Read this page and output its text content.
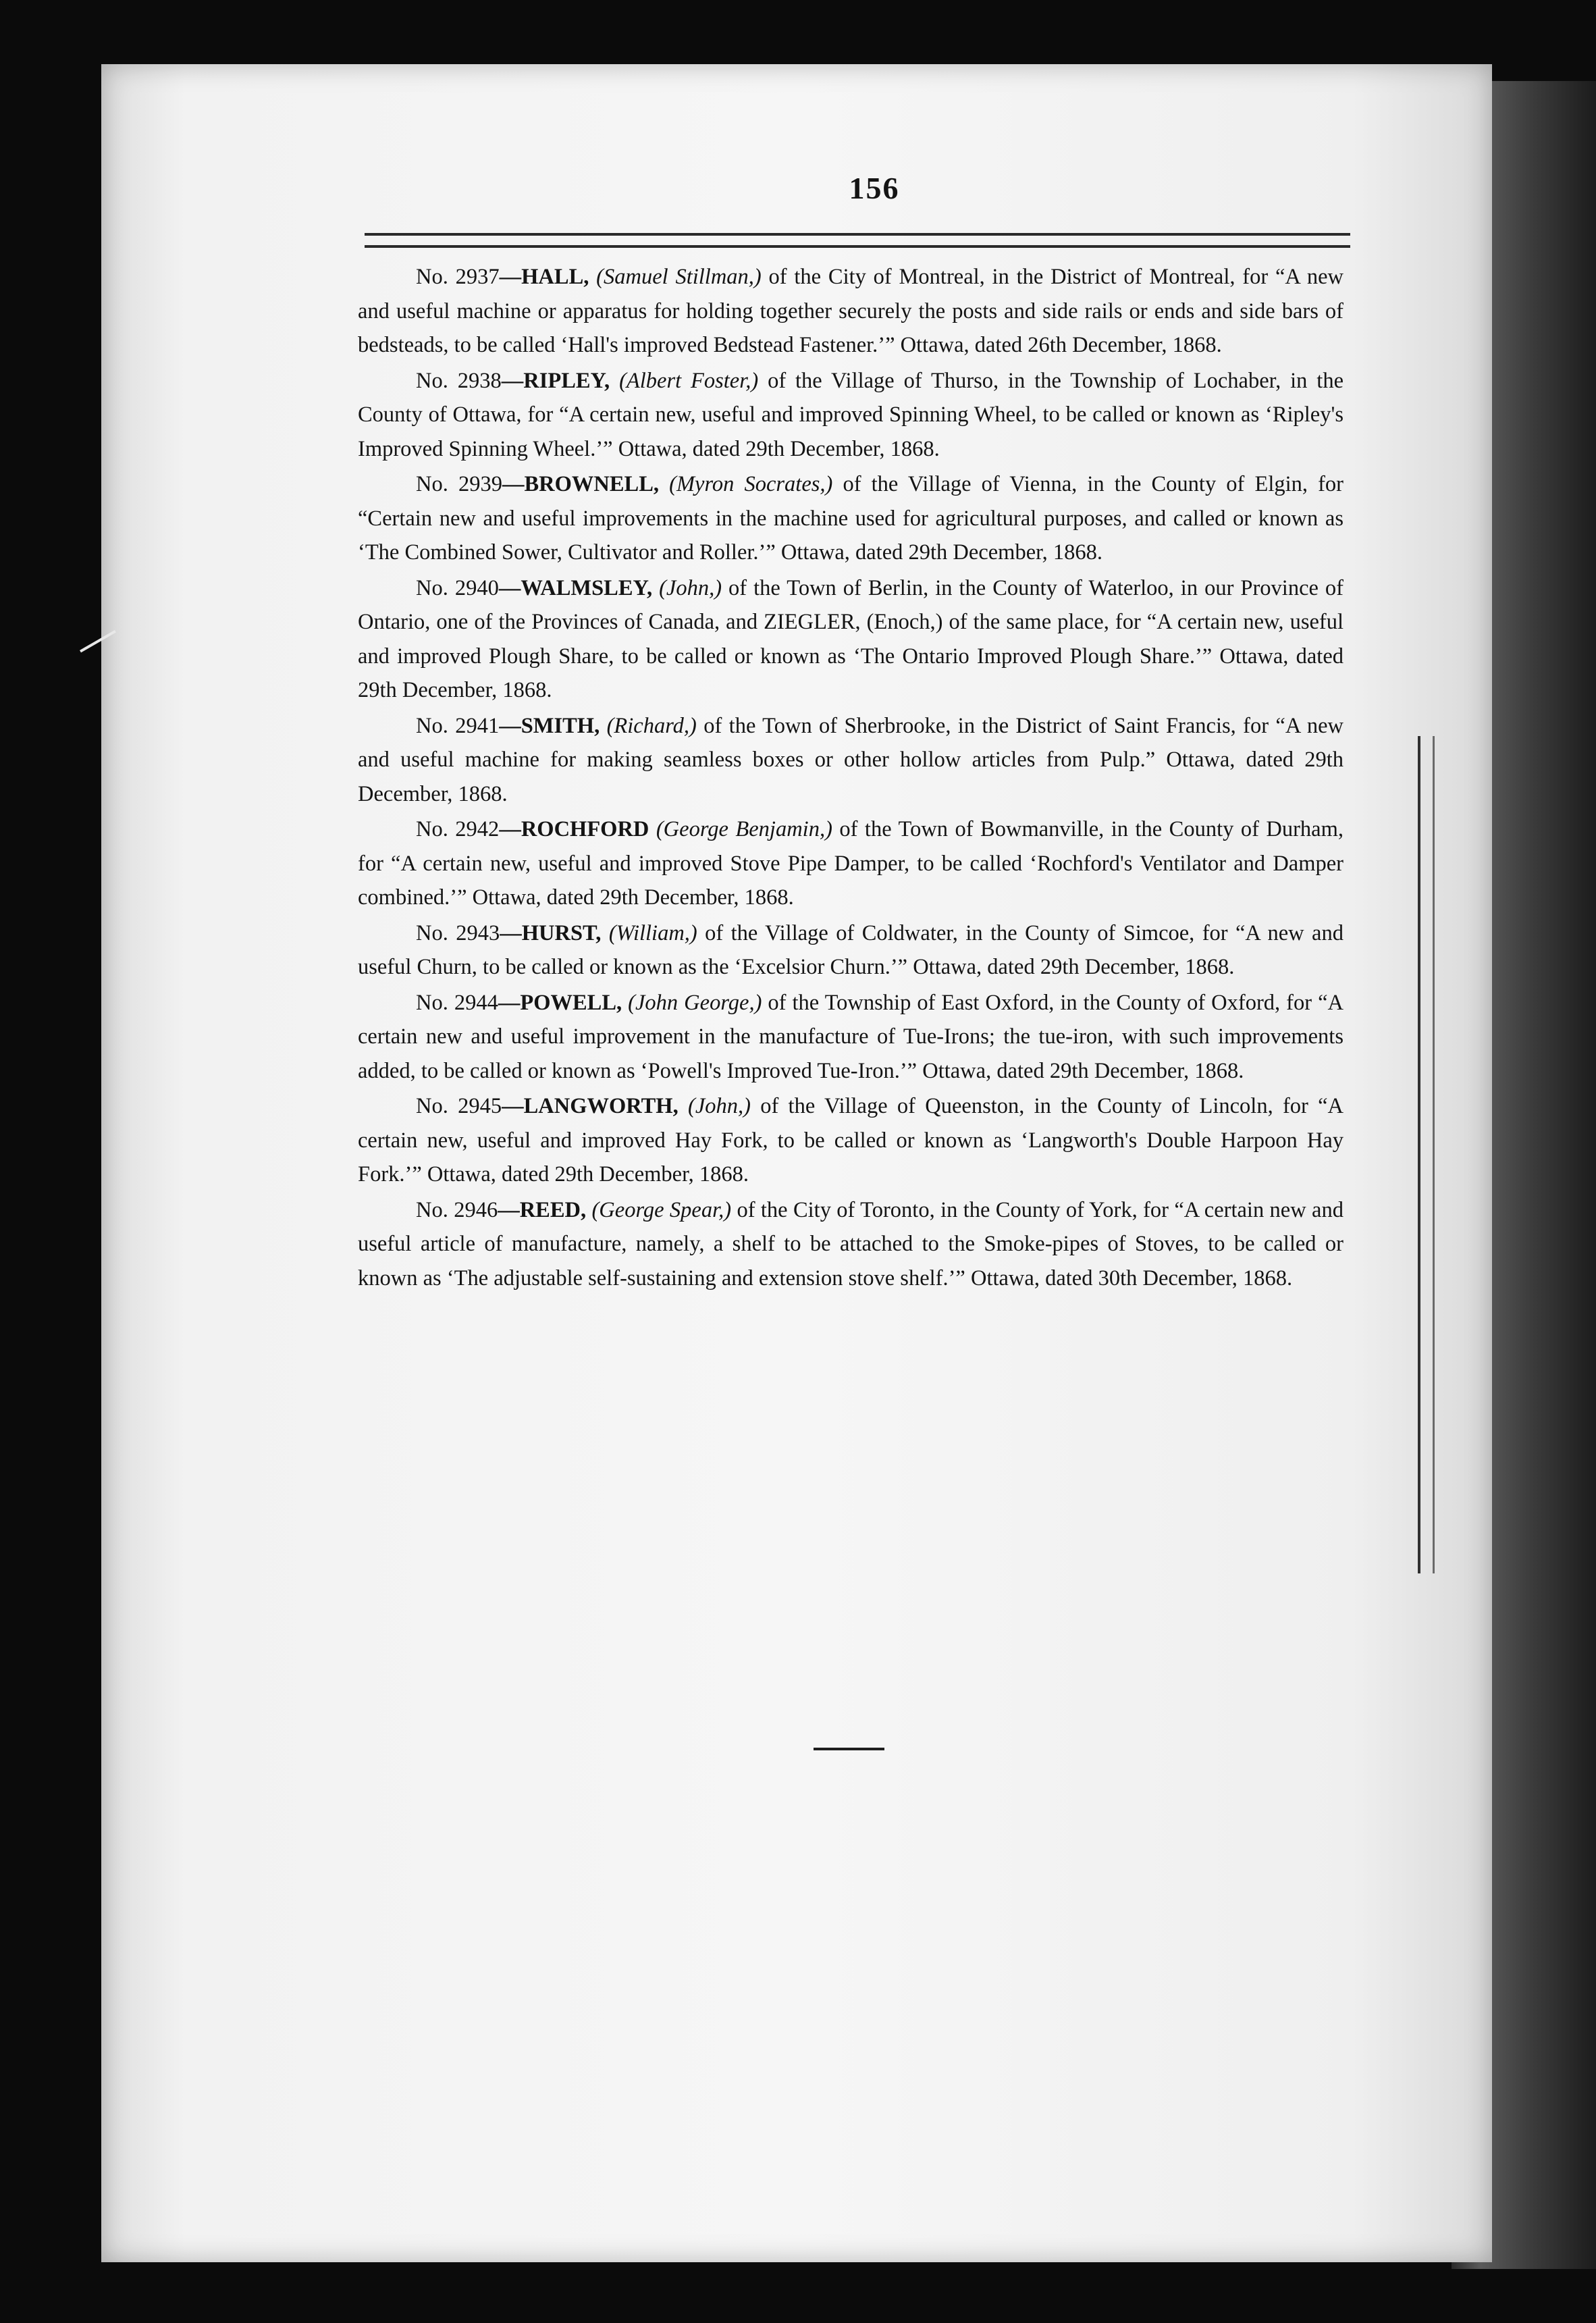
156

No. 2937—HALL, (Samuel Stillman,) of the City of Montreal, in the District of Montreal, for “A new and useful machine or apparatus for holding together securely the posts and side rails or ends and side bars of bedsteads, to be called ‘Hall's improved Bedstead Fastener.’” Ottawa, dated 26th December, 1868.

No. 2938—RIPLEY, (Albert Foster,) of the Village of Thurso, in the Township of Lochaber, in the County of Ottawa, for “A certain new, useful and improved Spinning Wheel, to be called or known as ‘Ripley's Improved Spinning Wheel.’” Ottawa, dated 29th December, 1868.

No. 2939—BROWNELL, (Myron Socrates,) of the Village of Vienna, in the County of Elgin, for “Certain new and useful improvements in the machine used for agricultural purposes, and called or known as ‘The Combined Sower, Cultivator and Roller.’” Ottawa, dated 29th December, 1868.

No. 2940—WALMSLEY, (John,) of the Town of Berlin, in the County of Waterloo, in our Province of Ontario, one of the Provinces of Canada, and ZIEGLER, (Enoch,) of the same place, for “A certain new, useful and improved Plough Share, to be called or known as ‘The Ontario Improved Plough Share.’” Ottawa, dated 29th December, 1868.

No. 2941—SMITH, (Richard,) of the Town of Sherbrooke, in the District of Saint Francis, for “A new and useful machine for making seamless boxes or other hollow articles from Pulp.” Ottawa, dated 29th December, 1868.

No. 2942—ROCHFORD (George Benjamin,) of the Town of Bowmanville, in the County of Durham, for “A certain new, useful and improved Stove Pipe Damper, to be called ‘Rochford's Ventilator and Damper combined.’” Ottawa, dated 29th December, 1868.

No. 2943—HURST, (William,) of the Village of Coldwater, in the County of Simcoe, for “A new and useful Churn, to be called or known as the ‘Excelsior Churn.’” Ottawa, dated 29th December, 1868.

No. 2944—POWELL, (John George,) of the Township of East Oxford, in the County of Oxford, for “A certain new and useful improvement in the manufacture of Tue-Irons; the tue-iron, with such improvements added, to be called or known as ‘Powell's Improved Tue-Iron.’” Ottawa, dated 29th December, 1868.

No. 2945—LANGWORTH, (John,) of the Village of Queenston, in the County of Lincoln, for “A certain new, useful and improved Hay Fork, to be called or known as ‘Langworth's Double Harpoon Hay Fork.’” Ottawa, dated 29th December, 1868.

No. 2946—REED, (George Spear,) of the City of Toronto, in the County of York, for “A certain new and useful article of manufacture, namely, a shelf to be attached to the Smoke-pipes of Stoves, to be called or known as ‘The adjustable self-sustaining and extension stove shelf.’” Ottawa, dated 30th December, 1868.
